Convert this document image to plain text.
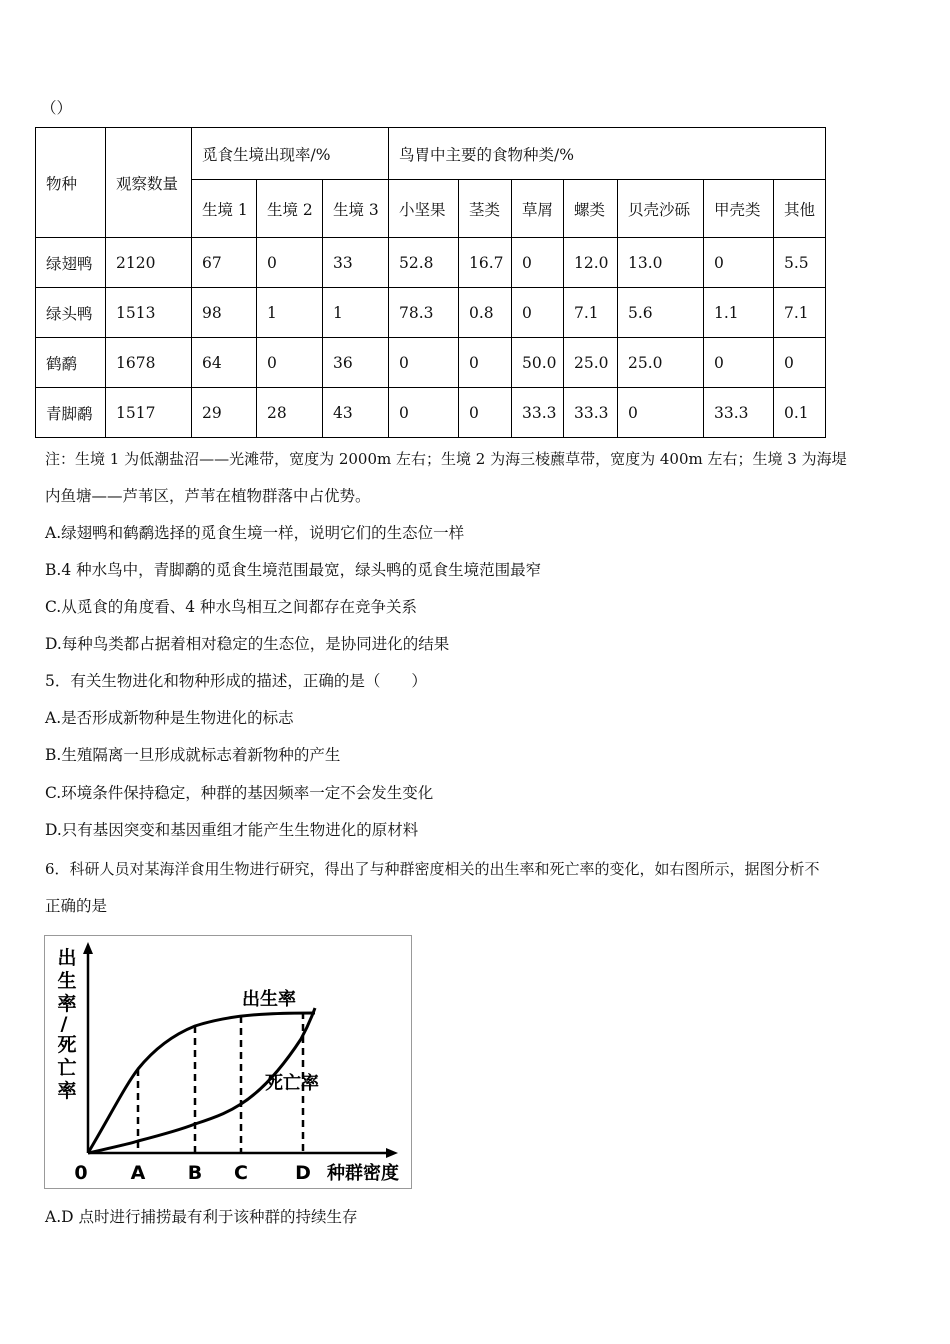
（）
物种	观察数量	觅食生境出现率/%			鸟胃中主要的食物种类/%						
		生境 1	生境 2	生境 3	小坚果	茎类	草屑	螺类	贝壳沙砾	甲壳类	其他
绿翅鸭	2120	67	0	33	52.8	16.7	0	12.0	13.0	0	5.5
绿头鸭	1513	98	1	1	78.3	0.8	0	7.1	5.6	1.1	7.1
鹤鹬	1678	64	0	36	0	0	50.0	25.0	25.0	0	0
青脚鹬	1517	29	28	43	0	0	33.3	33.3	0	33.3	0.1
注：生境 1 为低潮盐沼——光滩带，宽度为 2000m 左右；生境 2 为海三棱藨草带，宽度为 400m 左右；生境 3 为海堤
内鱼塘——芦苇区，芦苇在植物群落中占优势。
A.绿翅鸭和鹤鹬选择的觅食生境一样，说明它们的生态位一样
B.4 种水鸟中，青脚鹬的觅食生境范围最宽，绿头鸭的觅食生境范围最窄
C.从觅食的角度看、4 种水鸟相互之间都存在竞争关系
D.每种鸟类都占据着相对稳定的生态位，是协同进化的结果
5．有关生物进化和物种形成的描述，正确的是（　　）
A.是否形成新物种是生物进化的标志
B.生殖隔离一旦形成就标志着新物种的产生
C.环境条件保持稳定，种群的基因频率一定不会发生变化
D.只有基因突变和基因重组才能产生生物进化的原材料
6．科研人员对某海洋食用生物进行研究，得出了与种群密度相关的出生率和死亡率的变化，如右图所示，据图分析不
正确的是
出
生
率
/
死
亡
率
出生率
死亡率
0 A B C D 种群密度
A.D 点时进行捕捞最有利于该种群的持续生存
